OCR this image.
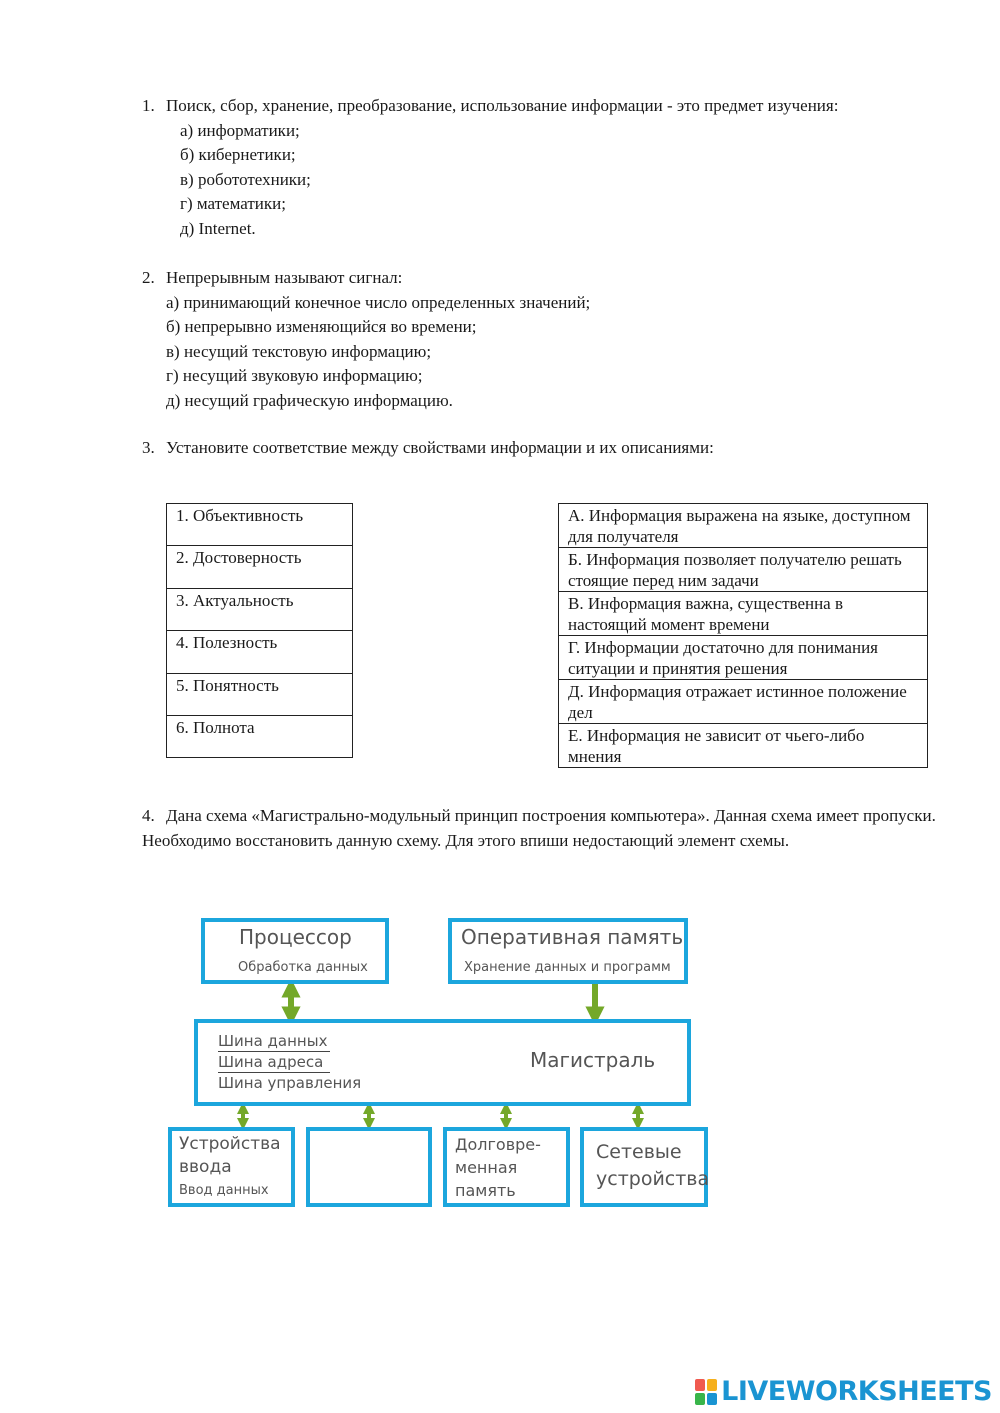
1. Поиск, сбор, хранение, преобразование, использование информации - это предмет изучения:
а) информатики;
б) кибернетики;
в) робототехники;
г) математики;
д) Internet.
2. Непрерывным называют сигнал:
а) принимающий конечное число определенных значений;
б) непрерывно изменяющийся во времени;
в) несущий текстовую информацию;
г) несущий звуковую информацию;
д) несущий графическую информацию.
3. Установите соответствие между свойствами информации и их описаниями:
1. Объективность
2. Достоверность
3. Актуальность
4. Полезность
5. Понятность
6. Полнота
А. Информация выражена на языке, доступном для получателя
Б. Информация позволяет получателю решать стоящие перед ним задачи
В. Информация важна, существенна в настоящий момент времени
Г. Информации достаточно для понимания ситуации и принятия решения
Д. Информация отражает истинное положение дел
Е. Информация не зависит от чьего-либо мнения
4. Дана схема «Магистрально-модульный принцип построения компьютера». Данная схема имеет пропуски. Необходимо восстановить данную схему. Для этого впиши недостающий элемент схемы.
Процессор
Обработка данных
Оперативная память
Хранение данных и программ
Шина данных
Шина адреса
Шина управления
Магистраль
Устройства
ввода
Ввод данных
Долговре-
менная
память
Сетевые
устройства
LIVEWORKSHEETS
